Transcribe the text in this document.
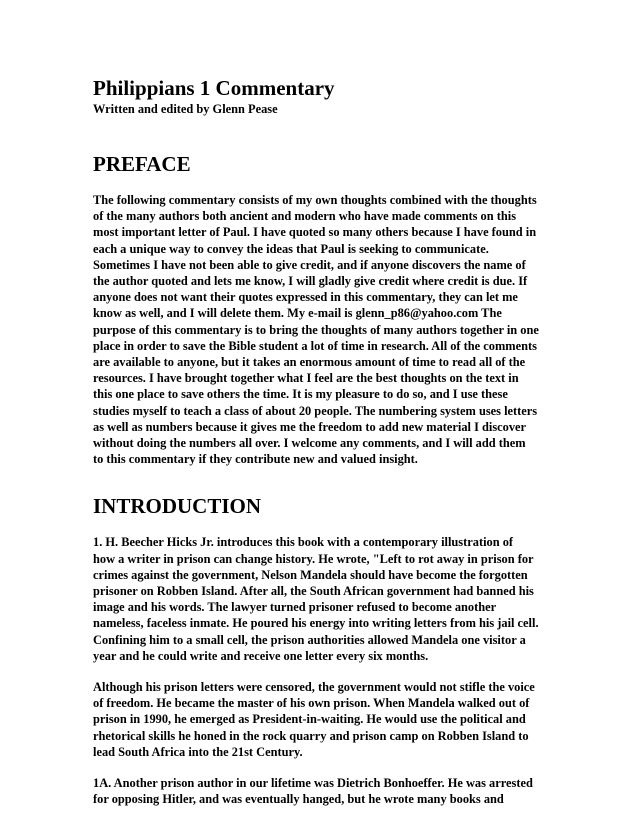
Philippians 1 Commentary
Written and edited by Glenn Pease
PREFACE

The following commentary consists of my own thoughts combined with the thoughts
of the many authors both ancient and modern who have made comments on this
most important letter of Paul. I have quoted so many others because I have found in
each a unique way to convey the ideas that Paul is seeking to communicate.
Sometimes I have not been able to give credit, and if anyone discovers the name of
the author quoted and lets me know, I will gladly give credit where credit is due. If
anyone does not want their quotes expressed in this commentary, they can let me
know as well, and I will delete them. My e-mail is glenn_p86@yahoo.com The
purpose of this commentary is to bring the thoughts of many authors together in one
place in order to save the Bible student a lot of time in research. All of the comments
are available to anyone, but it takes an enormous amount of time to read all of the
resources. I have brought together what I feel are the best thoughts on the text in
this one place to save others the time. It is my pleasure to do so, and I use these
studies myself to teach a class of about 20 people. The numbering system uses letters
as well as numbers because it gives me the freedom to add new material I discover
without doing the numbers all over. I welcome any comments, and I will add them
to this commentary if they contribute new and valued insight.

INTRODUCTION

1. H. Beecher Hicks Jr. introduces this book with a contemporary illustration of
how a writer in prison can change history. He wrote, "Left to rot away in prison for
crimes against the government, Nelson Mandela should have become the forgotten
prisoner on Robben Island. After all, the South African government had banned his
image and his words. The lawyer turned prisoner refused to become another
nameless, faceless inmate. He poured his energy into writing letters from his jail cell.
Confining him to a small cell, the prison authorities allowed Mandela one visitor a
year and he could write and receive one letter every six months.

Although his prison letters were censored, the government would not stifle the voice
of freedom. He became the master of his own prison. When Mandela walked out of
prison in 1990, he emerged as President-in-waiting. He would use the political and
rhetorical skills he honed in the rock quarry and prison camp on Robben Island to
lead South Africa into the 21st Century.

1A. Another prison author in our lifetime was Dietrich Bonhoeffer. He was arrested
for opposing Hitler, and was eventually hanged, but he wrote many books and
